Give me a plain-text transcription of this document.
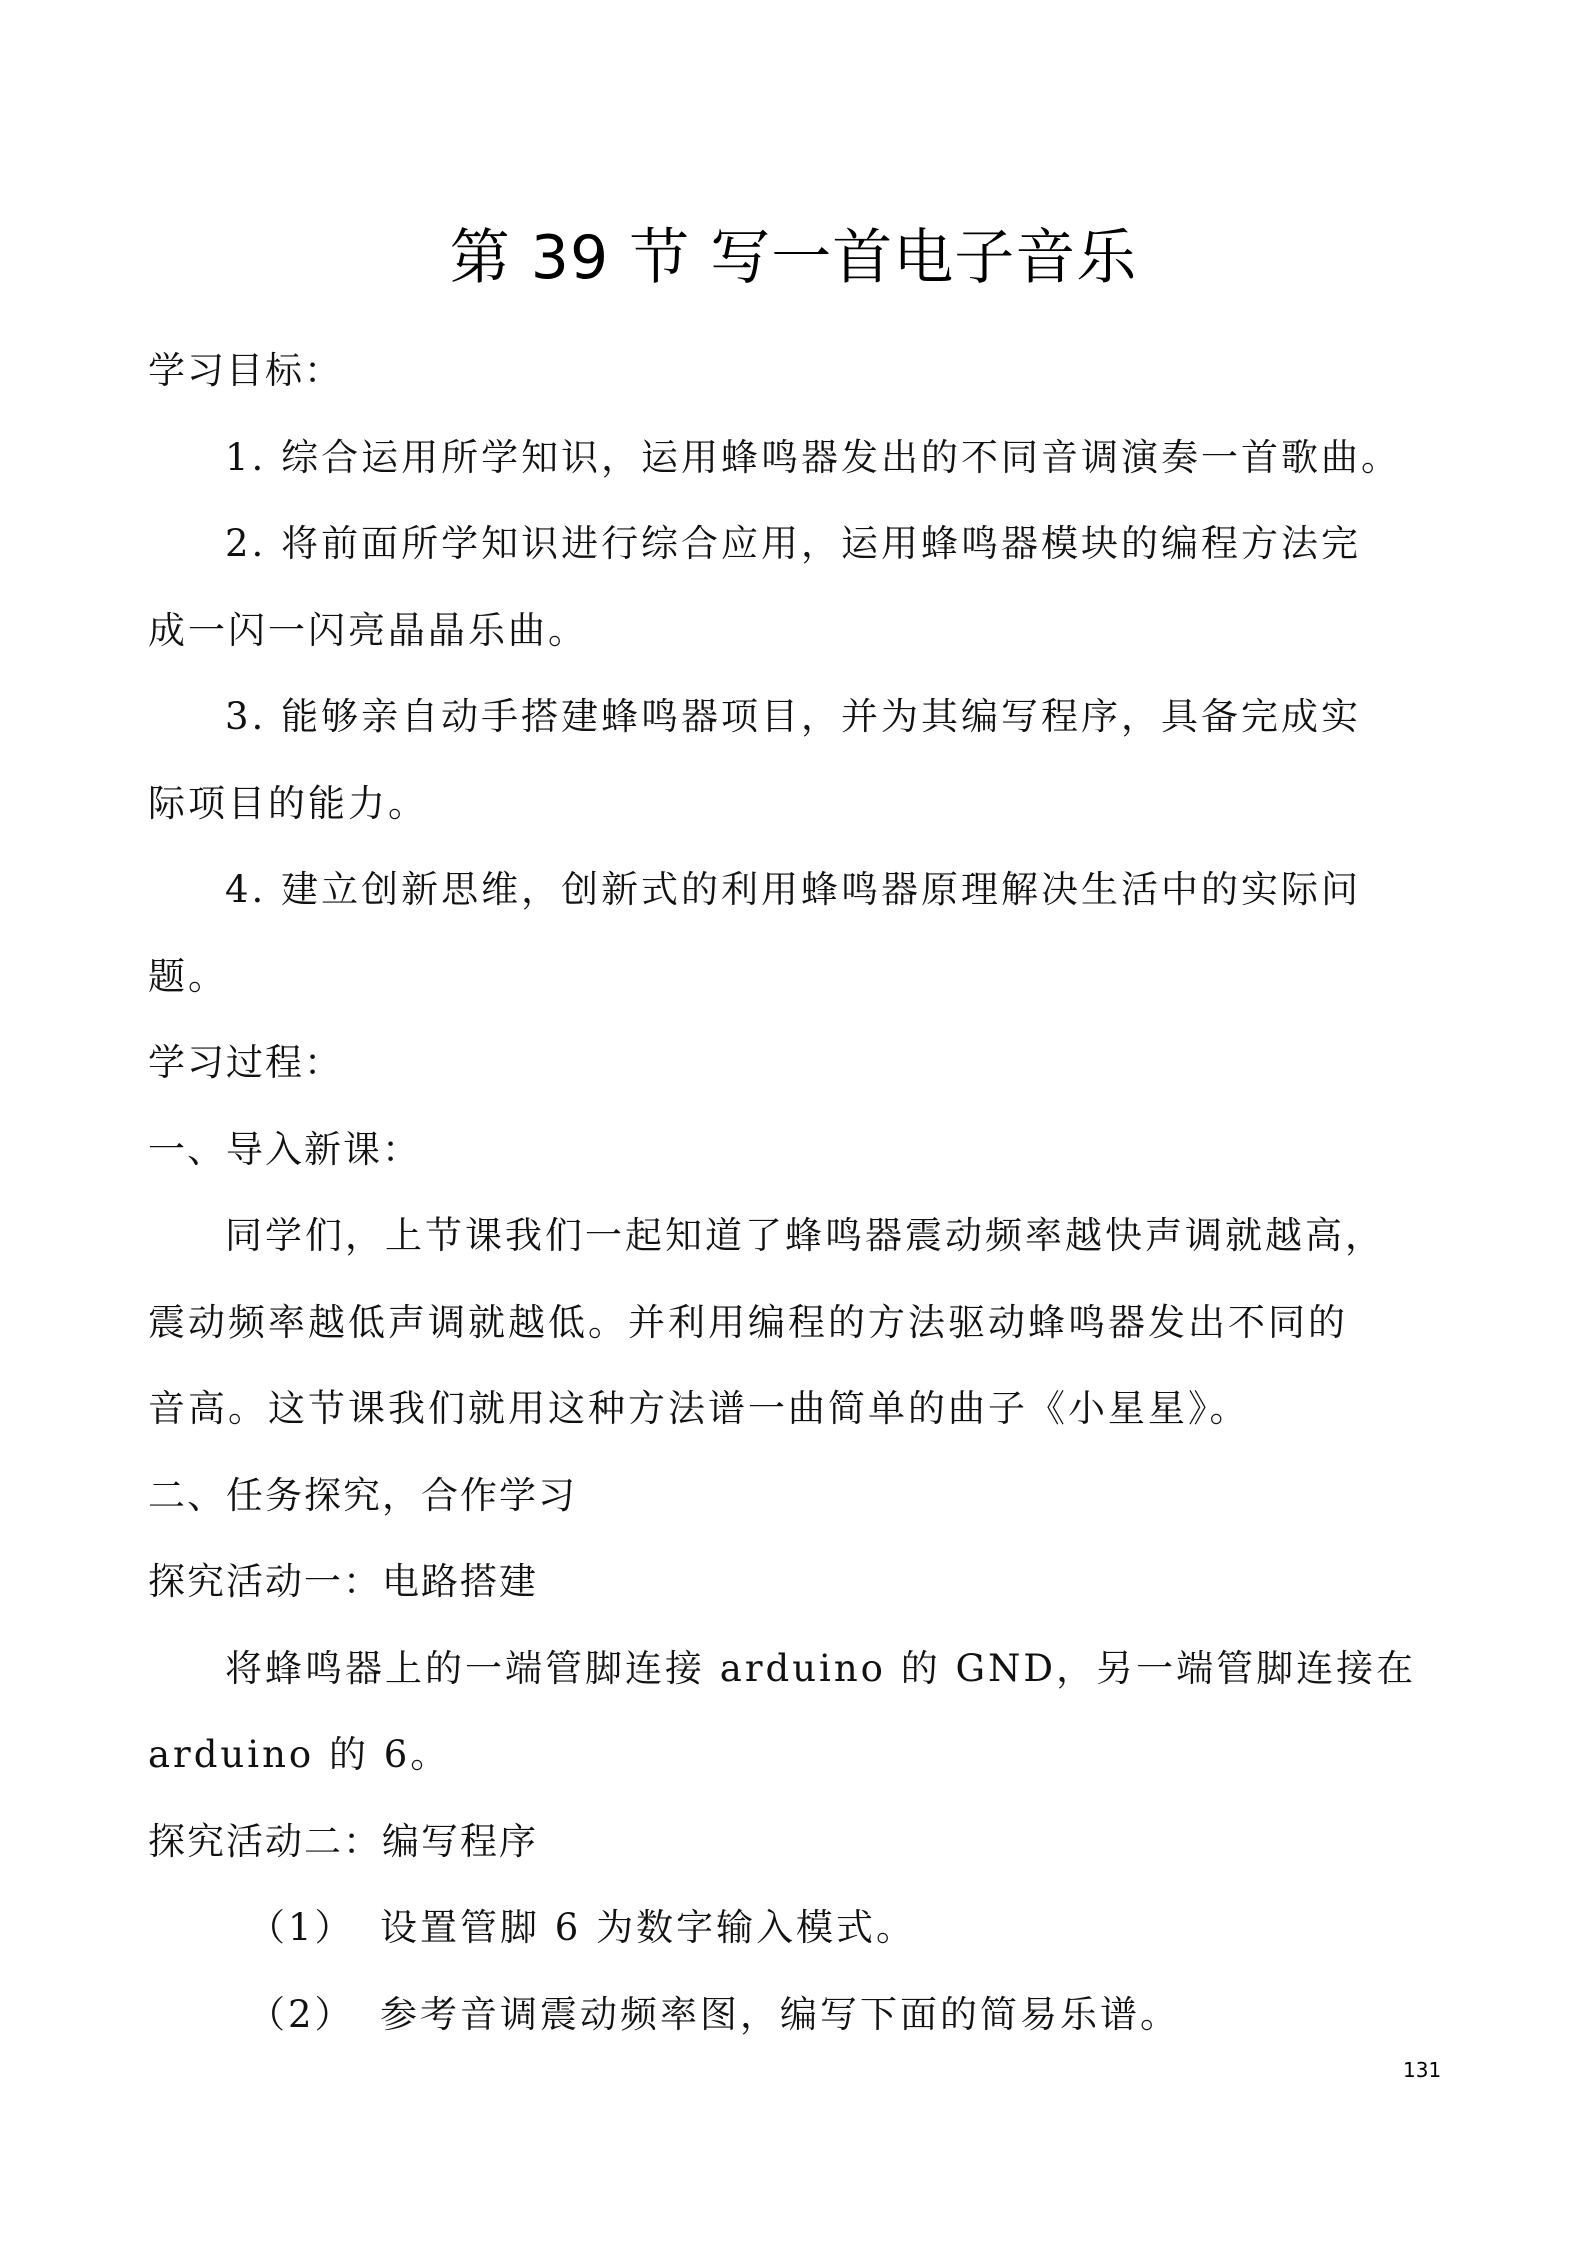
第 39 节 写一首电子音乐
学习目标：
1. 综合运用所学知识，运用蜂鸣器发出的不同音调演奏一首歌曲。
2. 将前面所学知识进行综合应用，运用蜂鸣器模块的编程方法完
成一闪一闪亮晶晶乐曲。
3. 能够亲自动手搭建蜂鸣器项目，并为其编写程序，具备完成实
际项目的能力。
4. 建立创新思维，创新式的利用蜂鸣器原理解决生活中的实际问
题。
学习过程：
一、导入新课：
同学们，上节课我们一起知道了蜂鸣器震动频率越快声调就越高，
震动频率越低声调就越低。并利用编程的方法驱动蜂鸣器发出不同的
音高。这节课我们就用这种方法谱一曲简单的曲子《小星星》。
二、任务探究，合作学习
探究活动一：电路搭建
将蜂鸣器上的一端管脚连接 arduino 的 GND，另一端管脚连接在
arduino 的 6。
探究活动二：编写程序
（1） 设置管脚 6 为数字输入模式。
（2） 参考音调震动频率图，编写下面的简易乐谱。
131
